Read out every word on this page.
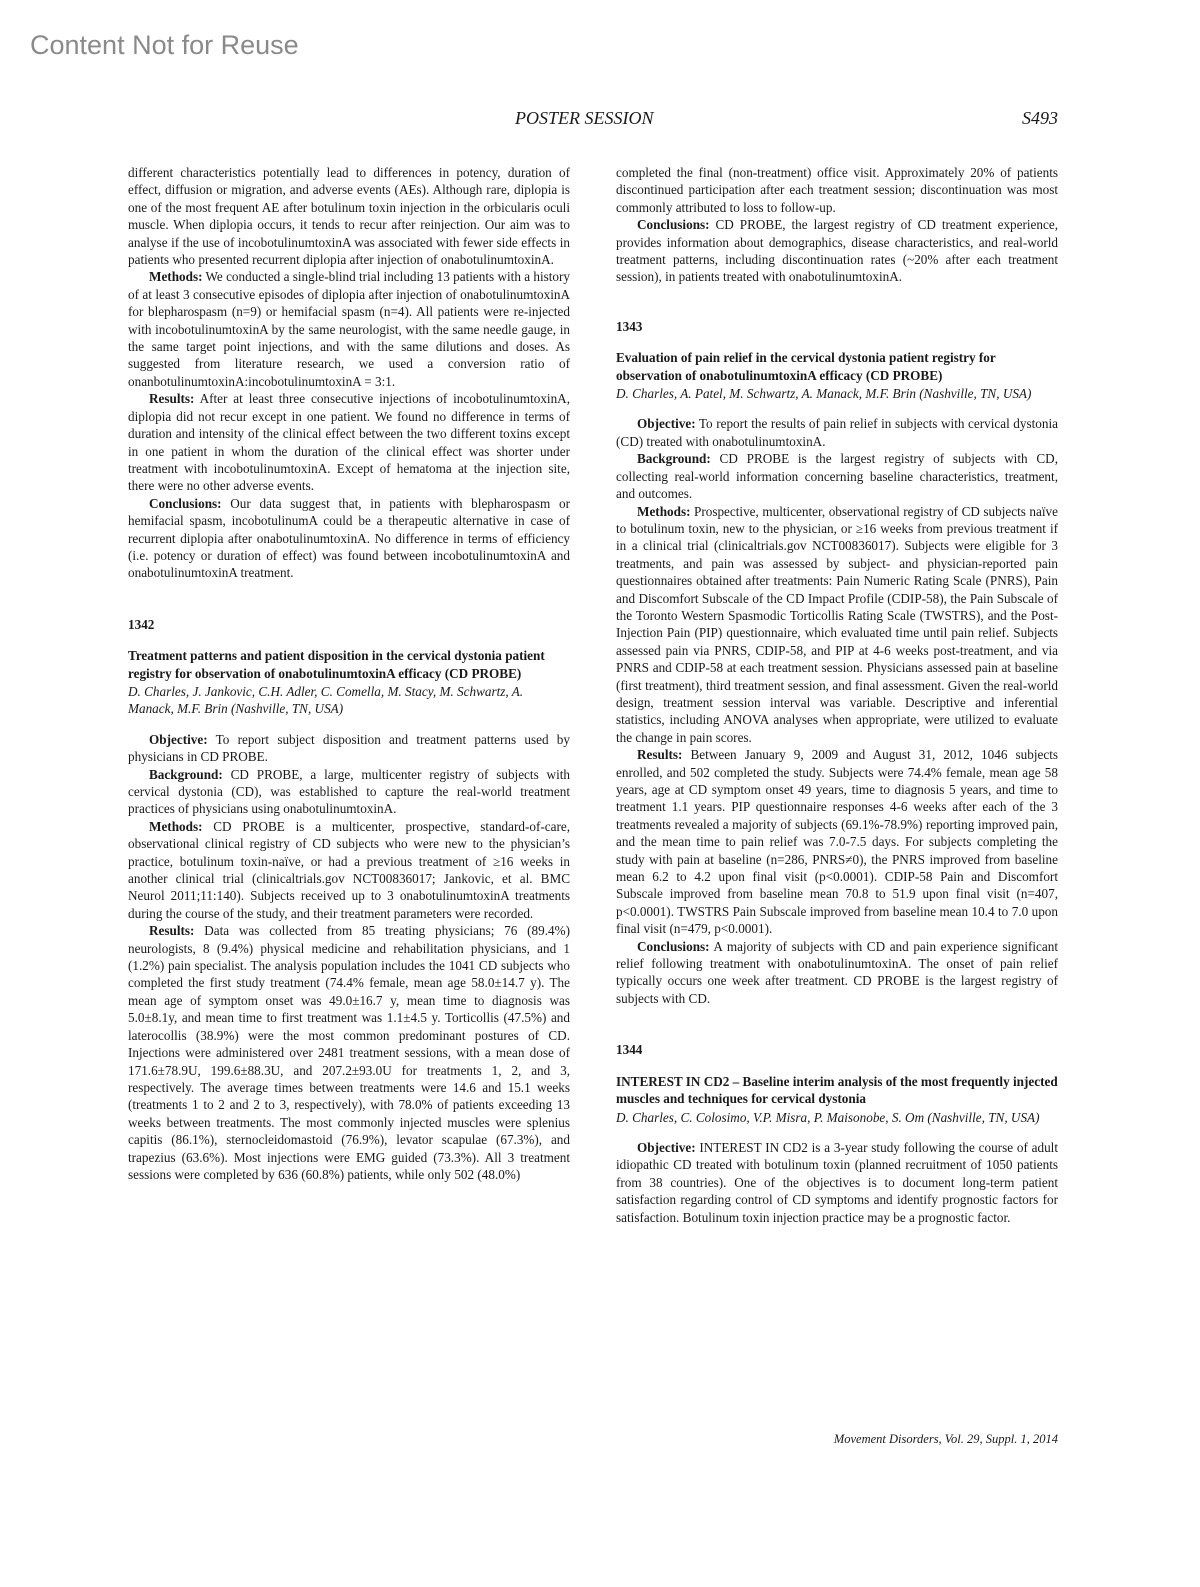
Content Not for Reuse
POSTER SESSION	S493

different characteristics potentially lead to differences in potency, duration of effect, diffusion or migration, and adverse events (AEs). Although rare, diplopia is one of the most frequent AE after botulinum toxin injection in the orbicularis oculi muscle. When diplopia occurs, it tends to recur after reinjection. Our aim was to analyse if the use of incobotulinumtoxinA was associated with fewer side effects in patients who presented recurrent diplopia after injection of onabotulinumtoxinA.

Methods: We conducted a single-blind trial including 13 patients with a history of at least 3 consecutive episodes of diplopia after injection of onabotulinumtoxinA for blepharospasm (n=9) or hemifacial spasm (n=4). All patients were re-injected with incobotulinumtoxinA by the same neurologist, with the same needle gauge, in the same target point injections, and with the same dilutions and doses. As suggested from literature research, we used a conversion ratio of onanbotulinumtoxinA:incobotulinumtoxinA = 3:1.

Results: After at least three consecutive injections of incobotulinumtoxinA, diplopia did not recur except in one patient. We found no difference in terms of duration and intensity of the clinical effect between the two different toxins except in one patient in whom the duration of the clinical effect was shorter under treatment with incobotulinumtoxinA. Except of hematoma at the injection site, there were no other adverse events.

Conclusions: Our data suggest that, in patients with blepharospasm or hemifacial spasm, incobotulinumA could be a therapeutic alternative in case of recurrent diplopia after onabotulinumtoxinA. No difference in terms of efficiency (i.e. potency or duration of effect) was found between incobotulinumtoxinA and onabotulinumtoxinA treatment.

1342
Treatment patterns and patient disposition in the cervical dystonia patient registry for observation of onabotulinumtoxinA efficacy (CD PROBE)
D. Charles, J. Jankovic, C.H. Adler, C. Comella, M. Stacy, M. Schwartz, A. Manack, M.F. Brin (Nashville, TN, USA)

Objective: To report subject disposition and treatment patterns used by physicians in CD PROBE.

Background: CD PROBE, a large, multicenter registry of subjects with cervical dystonia (CD), was established to capture the real-world treatment practices of physicians using onabotulinumtoxinA.

Methods: CD PROBE is a multicenter, prospective, standard-of-care, observational clinical registry of CD subjects who were new to the physician’s practice, botulinum toxin-naïve, or had a previous treatment of ≥16 weeks in another clinical trial (clinicaltrials.gov NCT00836017; Jankovic, et al. BMC Neurol 2011;11:140). Subjects received up to 3 onabotulinumtoxinA treatments during the course of the study, and their treatment parameters were recorded.

Results: Data was collected from 85 treating physicians; 76 (89.4%) neurologists, 8 (9.4%) physical medicine and rehabilitation physicians, and 1 (1.2%) pain specialist. The analysis population includes the 1041 CD subjects who completed the first study treatment (74.4% female, mean age 58.0±14.7 y). The mean age of symptom onset was 49.0±16.7 y, mean time to diagnosis was 5.0±8.1y, and mean time to first treatment was 1.1±4.5 y. Torticollis (47.5%) and laterocollis (38.9%) were the most common predominant postures of CD. Injections were administered over 2481 treatment sessions, with a mean dose of 171.6±78.9U, 199.6±88.3U, and 207.2±93.0U for treatments 1, 2, and 3, respectively. The average times between treatments were 14.6 and 15.1 weeks (treatments 1 to 2 and 2 to 3, respectively), with 78.0% of patients exceeding 13 weeks between treatments. The most commonly injected muscles were splenius capitis (86.1%), sternocleidomastoid (76.9%), levator scapulae (67.3%), and trapezius (63.6%). Most injections were EMG guided (73.3%). All 3 treatment sessions were completed by 636 (60.8%) patients, while only 502 (48.0%)

completed the final (non-treatment) office visit. Approximately 20% of patients discontinued participation after each treatment session; discontinuation was most commonly attributed to loss to follow-up.

Conclusions: CD PROBE, the largest registry of CD treatment experience, provides information about demographics, disease characteristics, and real-world treatment patterns, including discontinuation rates (~20% after each treatment session), in patients treated with onabotulinumtoxinA.

1343
Evaluation of pain relief in the cervical dystonia patient registry for observation of onabotulinumtoxinA efficacy (CD PROBE)
D. Charles, A. Patel, M. Schwartz, A. Manack, M.F. Brin (Nashville, TN, USA)

Objective: To report the results of pain relief in subjects with cervical dystonia (CD) treated with onabotulinumtoxinA.

Background: CD PROBE is the largest registry of subjects with CD, collecting real-world information concerning baseline characteristics, treatment, and outcomes.

Methods: Prospective, multicenter, observational registry of CD subjects naïve to botulinum toxin, new to the physician, or ≥16 weeks from previous treatment if in a clinical trial (clinicaltrials.gov NCT00836017). Subjects were eligible for 3 treatments, and pain was assessed by subject- and physician-reported pain questionnaires obtained after treatments: Pain Numeric Rating Scale (PNRS), Pain and Discomfort Subscale of the CD Impact Profile (CDIP-58), the Pain Subscale of the Toronto Western Spasmodic Torticollis Rating Scale (TWSTRS), and the Post-Injection Pain (PIP) questionnaire, which evaluated time until pain relief. Subjects assessed pain via PNRS, CDIP-58, and PIP at 4-6 weeks post-treatment, and via PNRS and CDIP-58 at each treatment session. Physicians assessed pain at baseline (first treatment), third treatment session, and final assessment. Given the real-world design, treatment session interval was variable. Descriptive and inferential statistics, including ANOVA analyses when appropriate, were utilized to evaluate the change in pain scores.

Results: Between January 9, 2009 and August 31, 2012, 1046 subjects enrolled, and 502 completed the study. Subjects were 74.4% female, mean age 58 years, age at CD symptom onset 49 years, time to diagnosis 5 years, and time to treatment 1.1 years. PIP questionnaire responses 4-6 weeks after each of the 3 treatments revealed a majority of subjects (69.1%-78.9%) reporting improved pain, and the mean time to pain relief was 7.0-7.5 days. For subjects completing the study with pain at baseline (n=286, PNRS≠0), the PNRS improved from baseline mean 6.2 to 4.2 upon final visit (p<0.0001). CDIP-58 Pain and Discomfort Subscale improved from baseline mean 70.8 to 51.9 upon final visit (n=407, p<0.0001). TWSTRS Pain Subscale improved from baseline mean 10.4 to 7.0 upon final visit (n=479, p<0.0001).

Conclusions: A majority of subjects with CD and pain experience significant relief following treatment with onabotulinumtoxinA. The onset of pain relief typically occurs one week after treatment. CD PROBE is the largest registry of subjects with CD.

1344
INTEREST IN CD2 – Baseline interim analysis of the most frequently injected muscles and techniques for cervical dystonia
D. Charles, C. Colosimo, V.P. Misra, P. Maisonobe, S. Om (Nashville, TN, USA)

Objective: INTEREST IN CD2 is a 3-year study following the course of adult idiopathic CD treated with botulinum toxin (planned recruitment of 1050 patients from 38 countries). One of the objectives is to document long-term patient satisfaction regarding control of CD symptoms and identify prognostic factors for satisfaction. Botulinum toxin injection practice may be a prognostic factor.

Movement Disorders, Vol. 29, Suppl. 1, 2014
